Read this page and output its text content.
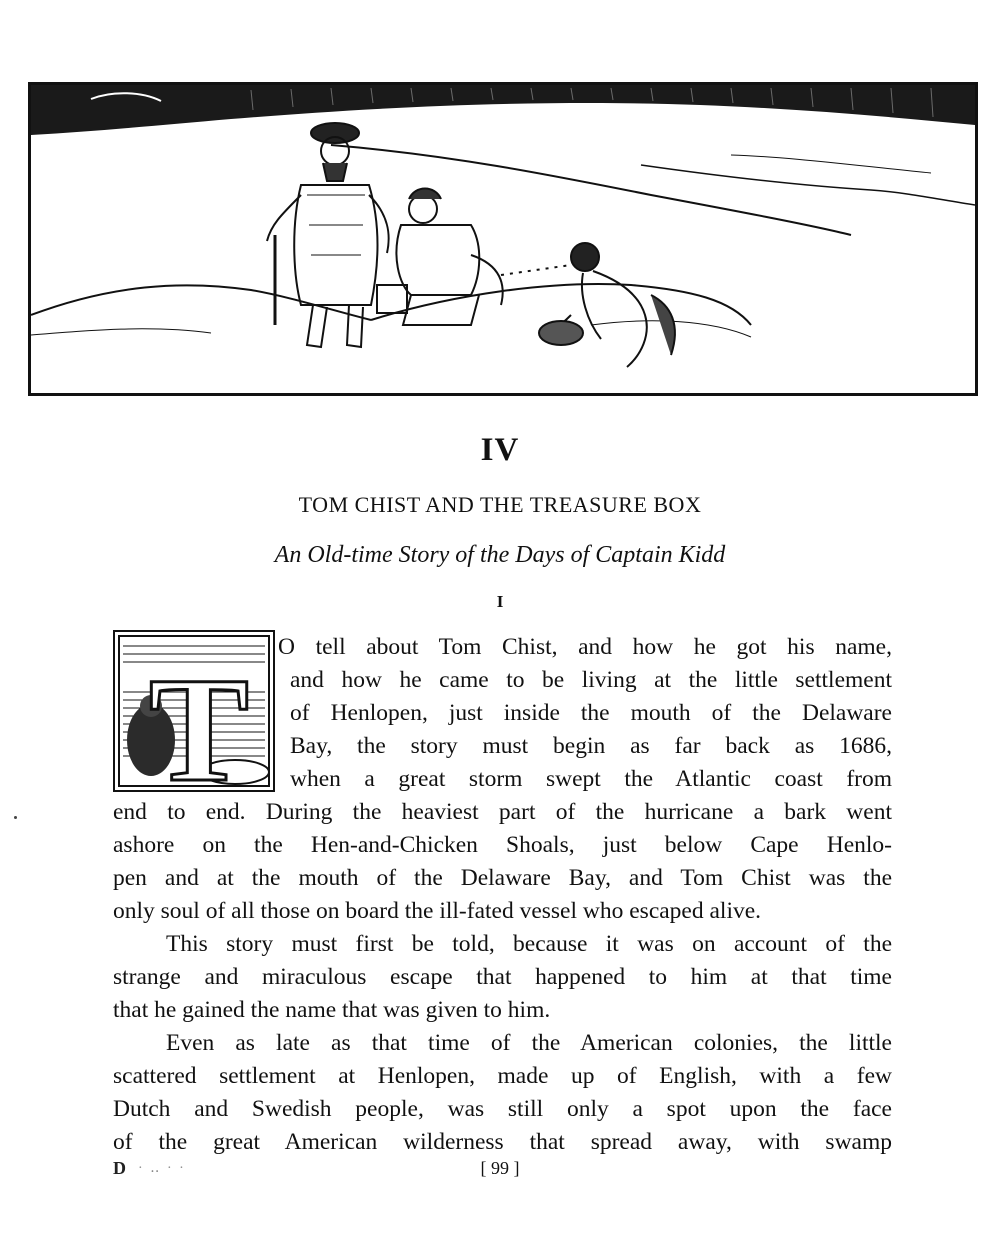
IV
TOM CHIST AND THE TREASURE BOX
An Old-time Story of the Days of Captain Kidd
I
T O tell about Tom Chist, and how he got his name,
and how he came to be living at the little settlement
of Henlopen, just inside the mouth of the Delaware
Bay, the story must begin as far back as 1686,
when a great storm swept the Atlantic coast from
end to end. During the heaviest part of the hurricane a bark went
ashore on the Hen-and-Chicken Shoals, just below Cape Henlo-
pen and at the mouth of the Delaware Bay, and Tom Chist was the
only soul of all those on board the ill-fated vessel who escaped alive.
This story must first be told, because it was on account of the
strange and miraculous escape that happened to him at that time
that he gained the name that was given to him.
Even as late as that time of the American colonies, the little
scattered settlement at Henlopen, made up of English, with a few
Dutch and Swedish people, was still only a spot upon the face
of the great American wilderness that spread away, with swamp
D · ‥ · ·	[ 99 ]
